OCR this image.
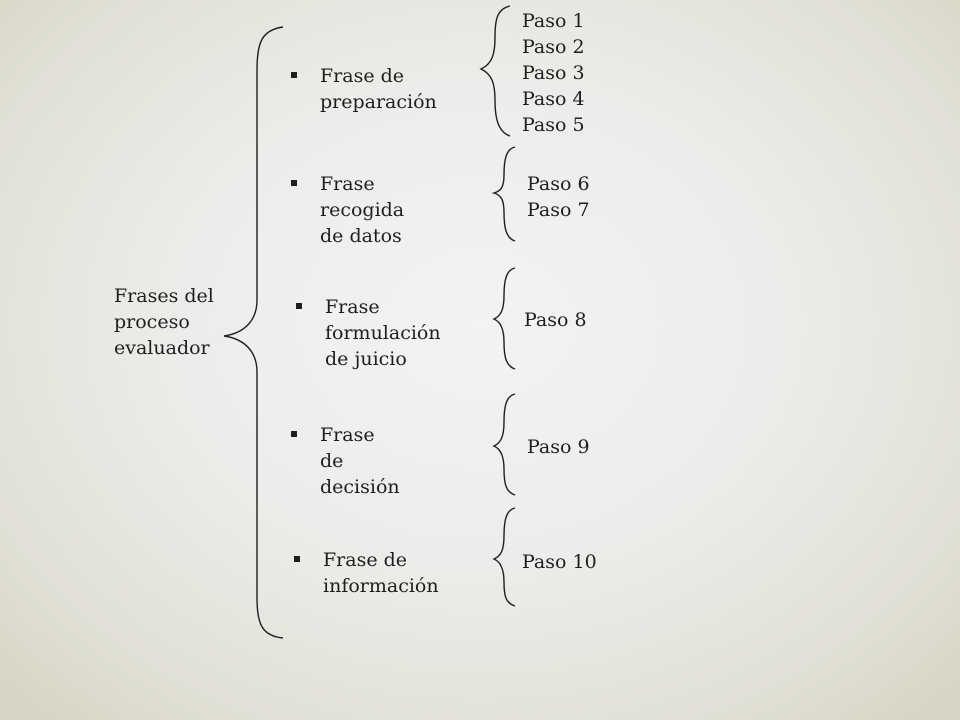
Frases del
proceso
evaluador
Frase de
preparación
Frase recogida
de datos
Frase
formulación
de juicio
Frase de
decisión
Frase de
información
Paso 1
Paso 2
Paso 3
Paso 4
Paso 5
Paso 6
Paso 7
Paso 8
Paso 9
Paso 10
